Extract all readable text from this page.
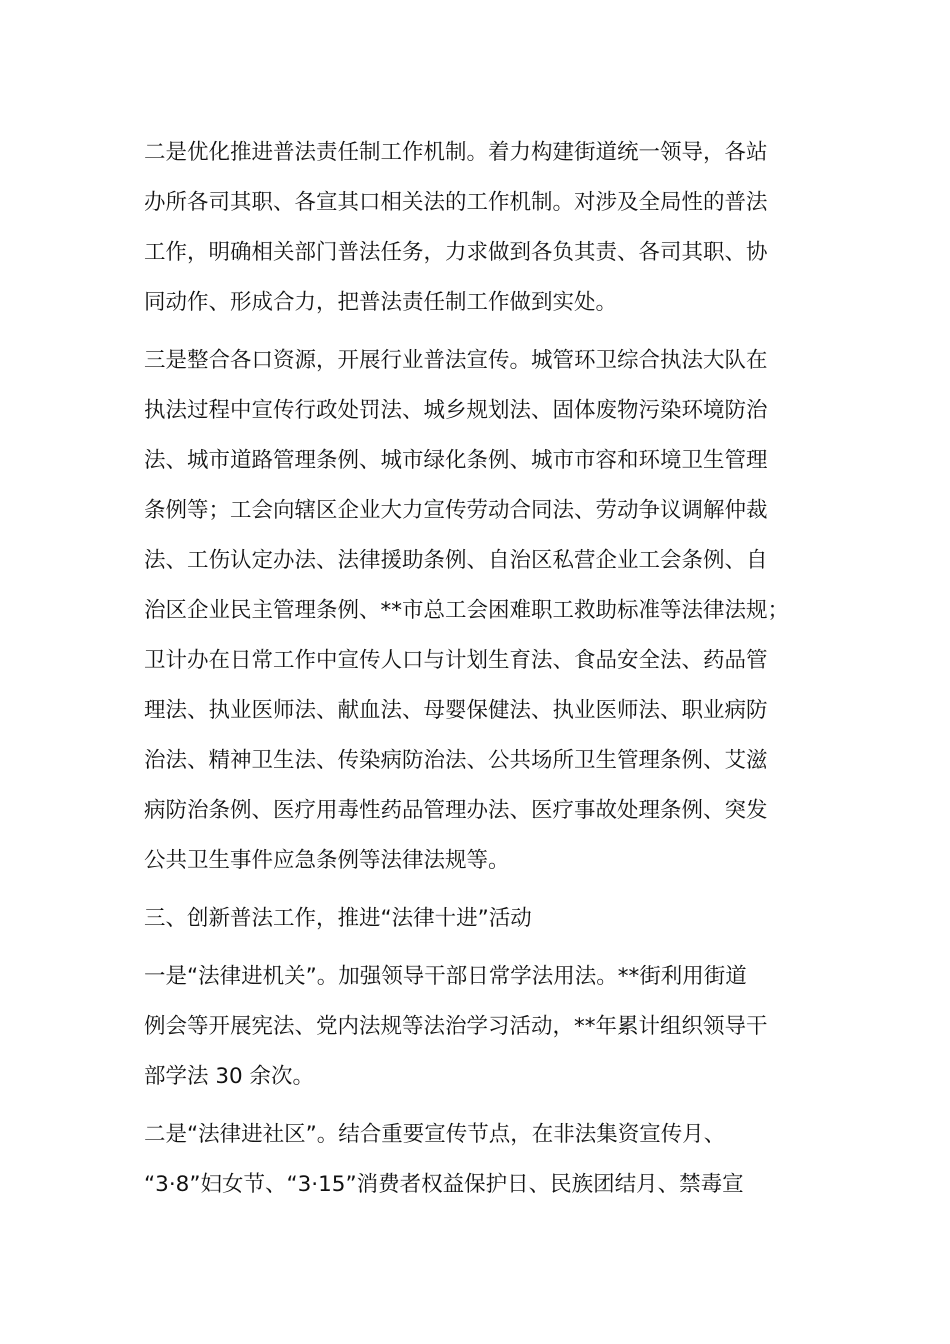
二是优化推进普法责任制工作机制。着力构建街道统一领导，各站
办所各司其职、各宣其口相关法的工作机制。对涉及全局性的普法
工作，明确相关部门普法任务，力求做到各负其责、各司其职、协
同动作、形成合力，把普法责任制工作做到实处。

三是整合各口资源，开展行业普法宣传。城管环卫综合执法大队在
执法过程中宣传行政处罚法、城乡规划法、固体废物污染环境防治
法、城市道路管理条例、城市绿化条例、城市市容和环境卫生管理
条例等；工会向辖区企业大力宣传劳动合同法、劳动争议调解仲裁
法、工伤认定办法、法律援助条例、自治区私营企业工会条例、自
治区企业民主管理条例、**市总工会困难职工救助标准等法律法规；
卫计办在日常工作中宣传人口与计划生育法、食品安全法、药品管
理法、执业医师法、献血法、母婴保健法、执业医师法、职业病防
治法、精神卫生法、传染病防治法、公共场所卫生管理条例、艾滋
病防治条例、医疗用毒性药品管理办法、医疗事故处理条例、突发
公共卫生事件应急条例等法律法规等。

三、创新普法工作，推进“法律十进”活动

一是“法律进机关”。加强领导干部日常学法用法。**街利用街道
例会等开展宪法、党内法规等法治学习活动，**年累计组织领导干
部学法 30 余次。

二是“法律进社区”。结合重要宣传节点，在非法集资宣传月、
“3·8”妇女节、“3·15”消费者权益保护日、民族团结月、禁毒宣
